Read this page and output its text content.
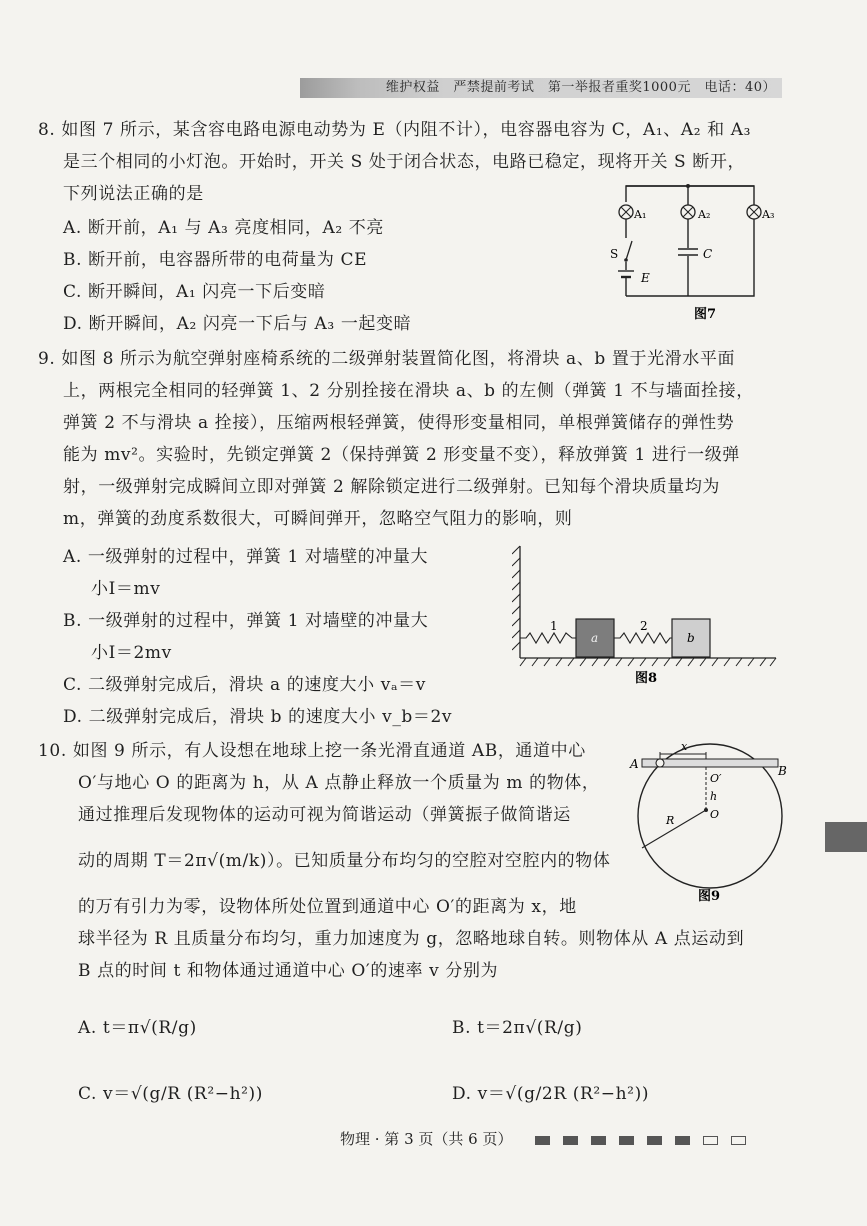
维护权益　严禁提前考试　第一举报者重奖1000元　电话：40）
8. 如图 7 所示，某含容电路电源电动势为 E（内阻不计），电容器电容为 C，A₁、A₂ 和 A₃
是三个相同的小灯泡。开始时，开关 S 处于闭合状态，电路已稳定，现将开关 S 断开，
下列说法正确的是
A. 断开前，A₁ 与 A₃ 亮度相同，A₂ 不亮
B. 断开前，电容器所带的电荷量为 CE
C. 断开瞬间，A₁ 闪亮一下后变暗
D. 断开瞬间，A₂ 闪亮一下后与 A₃ 一起变暗
A₁	A₂	A₃
S	C
E
图7
9. 如图 8 所示为航空弹射座椅系统的二级弹射装置简化图，将滑块 a、b 置于光滑水平面
上，两根完全相同的轻弹簧 1、2 分别拴接在滑块 a、b 的左侧（弹簧 1 不与墙面拴接，
弹簧 2 不与滑块 a 拴接），压缩两根轻弹簧，使得形变量相同，单根弹簧储存的弹性势
能为 mv²。实验时，先锁定弹簧 2（保持弹簧 2 形变量不变），释放弹簧 1 进行一级弹
射，一级弹射完成瞬间立即对弹簧 2 解除锁定进行二级弹射。已知每个滑块质量均为
m，弹簧的劲度系数很大，可瞬间弹开，忽略空气阻力的影响，则
A. 一级弹射的过程中，弹簧 1 对墙壁的冲量大
小I＝mv
B. 一级弹射的过程中，弹簧 1 对墙壁的冲量大
小I＝2mv
C. 二级弹射完成后，滑块 a 的速度大小 vₐ＝v
D. 二级弹射完成后，滑块 b 的速度大小 v_b＝2v
1	2
a	b
图8
10. 如图 9 所示，有人设想在地球上挖一条光滑直通道 AB，通道中心
O′与地心 O 的距离为 h，从 A 点静止释放一个质量为 m 的物体，
通过推理后发现物体的运动可视为简谐运动（弹簧振子做简谐运
动的周期 T＝2π√(m/k)）。已知质量分布均匀的空腔对空腔内的物体
的万有引力为零，设物体所处位置到通道中心 O′的距离为 x，地
球半径为 R 且质量分布均匀，重力加速度为 g，忽略地球自转。则物体从 A 点运动到
B 点的时间 t 和物体通过通道中心 O′的速率 v 分别为
A	B
x
O′
h
O
R
图9
A. t＝π√(R/g)	B. t＝2π√(R/g)
C. v＝√(g/R (R²−h²))	D. v＝√(g/2R (R²−h²))
物理 · 第 3 页（共 6 页）
